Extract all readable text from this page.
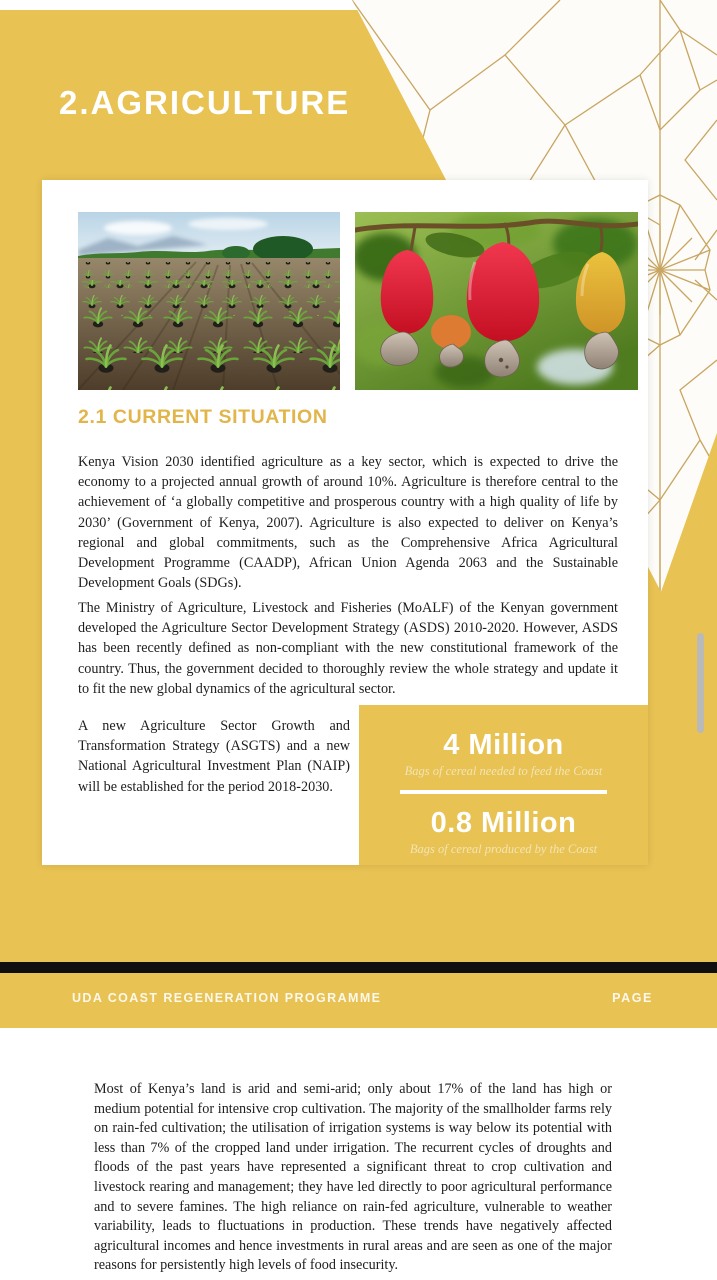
2.AGRICULTURE
2.1 CURRENT SITUATION

Kenya Vision 2030 identified agriculture as a key sector, which is expected to drive the economy to a projected annual growth of around 10%. Agriculture is therefore central to the achievement of ‘a globally competitive and prosperous country with a high quality of life by 2030’ (Government of Kenya, 2007). Agriculture is also expected to deliver on Kenya’s regional and global commitments, such as the Comprehensive Africa Agricultural Development Programme (CAADP), African Union Agenda 2063 and the Sustainable Development Goals (SDGs).

The Ministry of Agriculture, Livestock and Fisheries (MoALF) of the Kenyan government developed the Agriculture Sector Development Strategy (ASDS) 2010-2020. However, ASDS has been recently defined as non-compliant with the new constitutional framework of the country. Thus, the government decided to thoroughly review the whole strategy and update it to fit the new global dynamics of the agricultural sector.

A new Agriculture Sector Growth and Transformation Strategy (ASGTS) and a new National Agricultural Investment Plan (NAIP) will be established for the period 2018-2030.

4 Million
Bags of cereal needed to feed the Coast
0.8 Million
Bags of cereal produced by the Coast
UDA COAST REGENERATION PROGRAMME	PAGE

Most of Kenya’s land is arid and semi-arid; only about 17% of the land has high or medium potential for intensive crop cultivation. The majority of the smallholder farms rely on rain-fed cultivation; the utilisation of irrigation systems is way below its potential with less than 7% of the cropped land under irrigation. The recurrent cycles of droughts and floods of the past years have represented a significant threat to crop cultivation and livestock rearing and management; they have led directly to poor agricultural performance and to severe famines. The high reliance on rain-fed agriculture, vulnerable to weather variability, leads to fluctuations in production. These trends have negatively affected agricultural incomes and hence investments in rural areas and are seen as one of the major reasons for persistently high levels of food insecurity.
